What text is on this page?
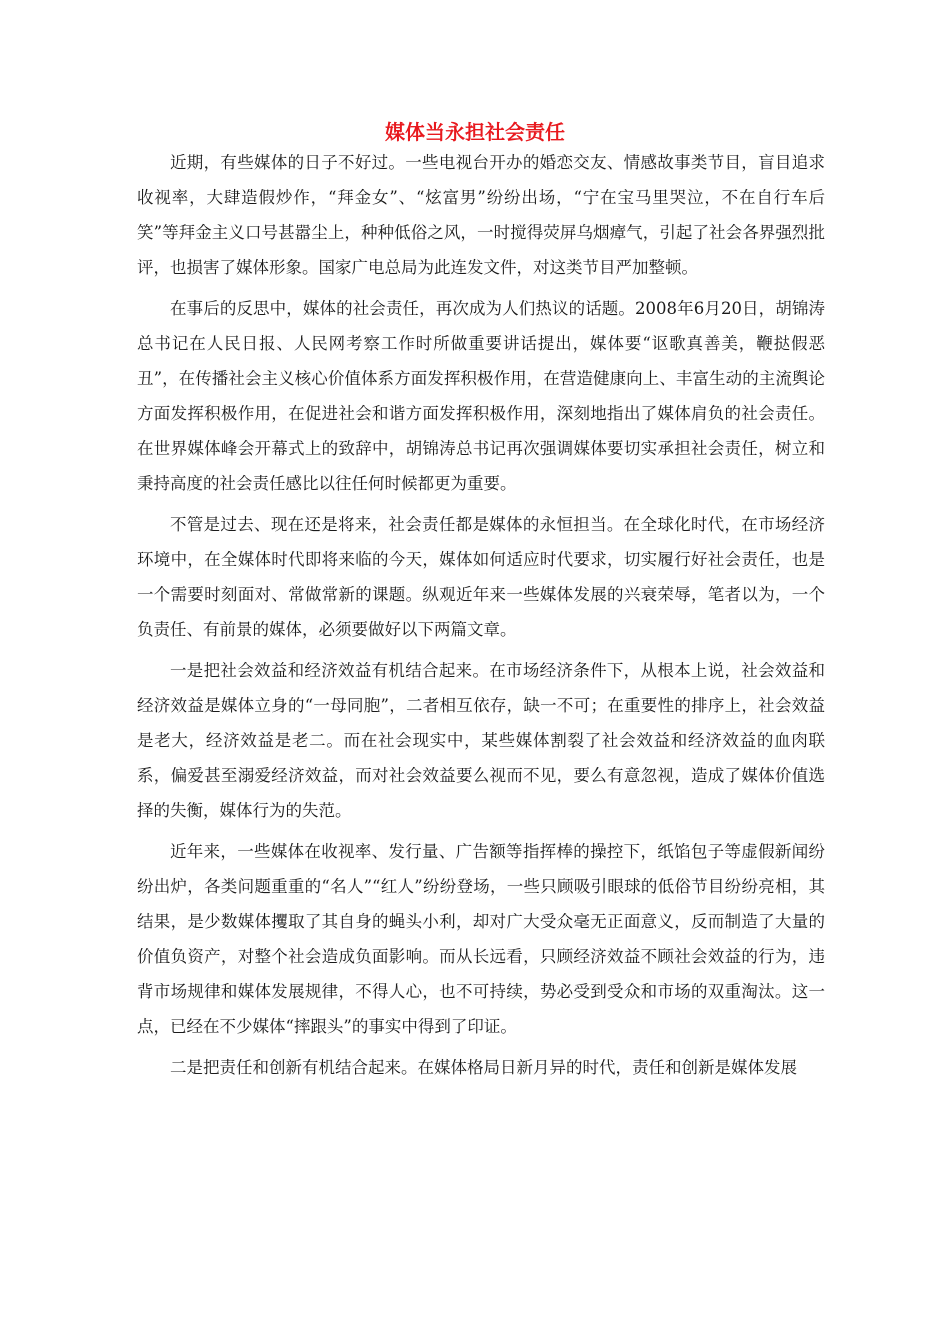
媒体当永担社会责任

近期，有些媒体的日子不好过。一些电视台开办的婚恋交友、情感故事类节目，盲目追求收视率，大肆造假炒作，“拜金女”、“炫富男”纷纷出场，“宁在宝马里哭泣，不在自行车后笑”等拜金主义口号甚嚣尘上，种种低俗之风，一时搅得荧屏乌烟瘴气，引起了社会各界强烈批评，也损害了媒体形象。国家广电总局为此连发文件，对这类节目严加整顿。

在事后的反思中，媒体的社会责任，再次成为人们热议的话题。2008年6月20日，胡锦涛总书记在人民日报、人民网考察工作时所做重要讲话提出，媒体要“讴歌真善美，鞭挞假恶丑”，在传播社会主义核心价值体系方面发挥积极作用，在营造健康向上、丰富生动的主流舆论方面发挥积极作用，在促进社会和谐方面发挥积极作用，深刻地指出了媒体肩负的社会责任。在世界媒体峰会开幕式上的致辞中，胡锦涛总书记再次强调媒体要切实承担社会责任，树立和秉持高度的社会责任感比以往任何时候都更为重要。

不管是过去、现在还是将来，社会责任都是媒体的永恒担当。在全球化时代，在市场经济环境中，在全媒体时代即将来临的今天，媒体如何适应时代要求，切实履行好社会责任，也是一个需要时刻面对、常做常新的课题。纵观近年来一些媒体发展的兴衰荣辱，笔者以为，一个负责任、有前景的媒体，必须要做好以下两篇文章。

一是把社会效益和经济效益有机结合起来。在市场经济条件下，从根本上说，社会效益和经济效益是媒体立身的“一母同胞”，二者相互依存，缺一不可；在重要性的排序上，社会效益是老大，经济效益是老二。而在社会现实中，某些媒体割裂了社会效益和经济效益的血肉联系，偏爱甚至溺爱经济效益，而对社会效益要么视而不见，要么有意忽视，造成了媒体价值选择的失衡，媒体行为的失范。

近年来，一些媒体在收视率、发行量、广告额等指挥棒的操控下，纸馅包子等虚假新闻纷纷出炉，各类问题重重的“名人”“红人”纷纷登场，一些只顾吸引眼球的低俗节目纷纷亮相，其结果，是少数媒体攫取了其自身的蝇头小利，却对广大受众毫无正面意义，反而制造了大量的价值负资产，对整个社会造成负面影响。而从长远看，只顾经济效益不顾社会效益的行为，违背市场规律和媒体发展规律，不得人心，也不可持续，势必受到受众和市场的双重淘汰。这一点，已经在不少媒体“摔跟头”的事实中得到了印证。

二是把责任和创新有机结合起来。在媒体格局日新月异的时代，责任和创新是媒体发展
